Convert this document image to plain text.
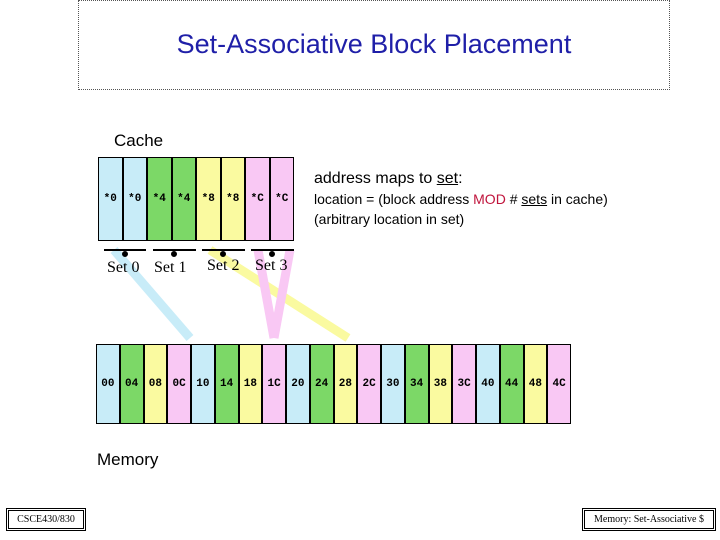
Set-Associative Block Placement
Cache
*0	*0	*4	*4	*8	*8	*C	*C
Set 0 Set 1 Set 2 Set 3
address maps to set:
location = (block address MOD # sets in cache)
(arbitrary location in set)
00 04 08 0C 10 14 18 1C 20 24 28 2C 30 34 38 3C 40 44 48 4C
Memory
CSCE430/830	Memory: Set-Associative $
